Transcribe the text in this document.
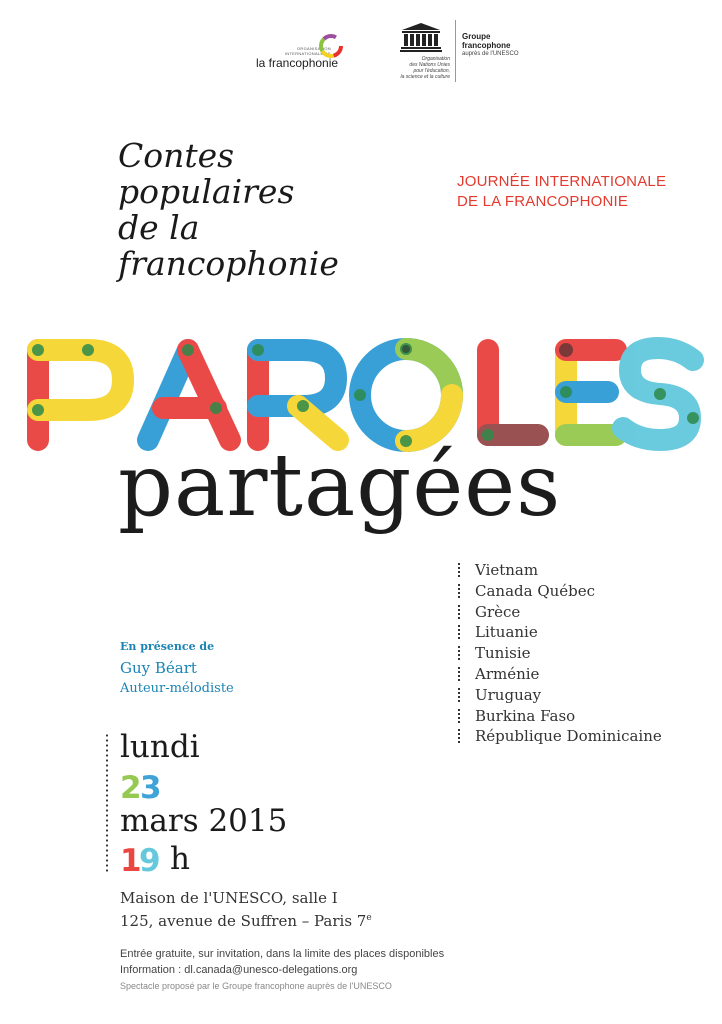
ORGANISATION INTERNATIONALE DE
la francophonie	Organisation
des Nations Unies
pour l'éducation,
la science et la culture
Groupe
francophone
auprès de l'UNESCO
Contes
populaires
de la
francophonie
JOURNÉE INTERNATIONALE
DE LA FRANCOPHONIE
partagées
Vietnam
Canada Québec
Grèce
Lituanie
Tunisie
Arménie
Uruguay
Burkina Faso
République Dominicaine
En présence de
Guy Béart
Auteur-mélodiste
lundi
2
3
mars 2015
1
9 h
Maison de l'UNESCO, salle I
125, avenue de Suffren – Paris 7e
Entrée gratuite, sur invitation, dans la limite des places disponibles
Information : dl.canada@unesco-delegations.org
Spectacle proposé par le Groupe francophone auprès de l'UNESCO
